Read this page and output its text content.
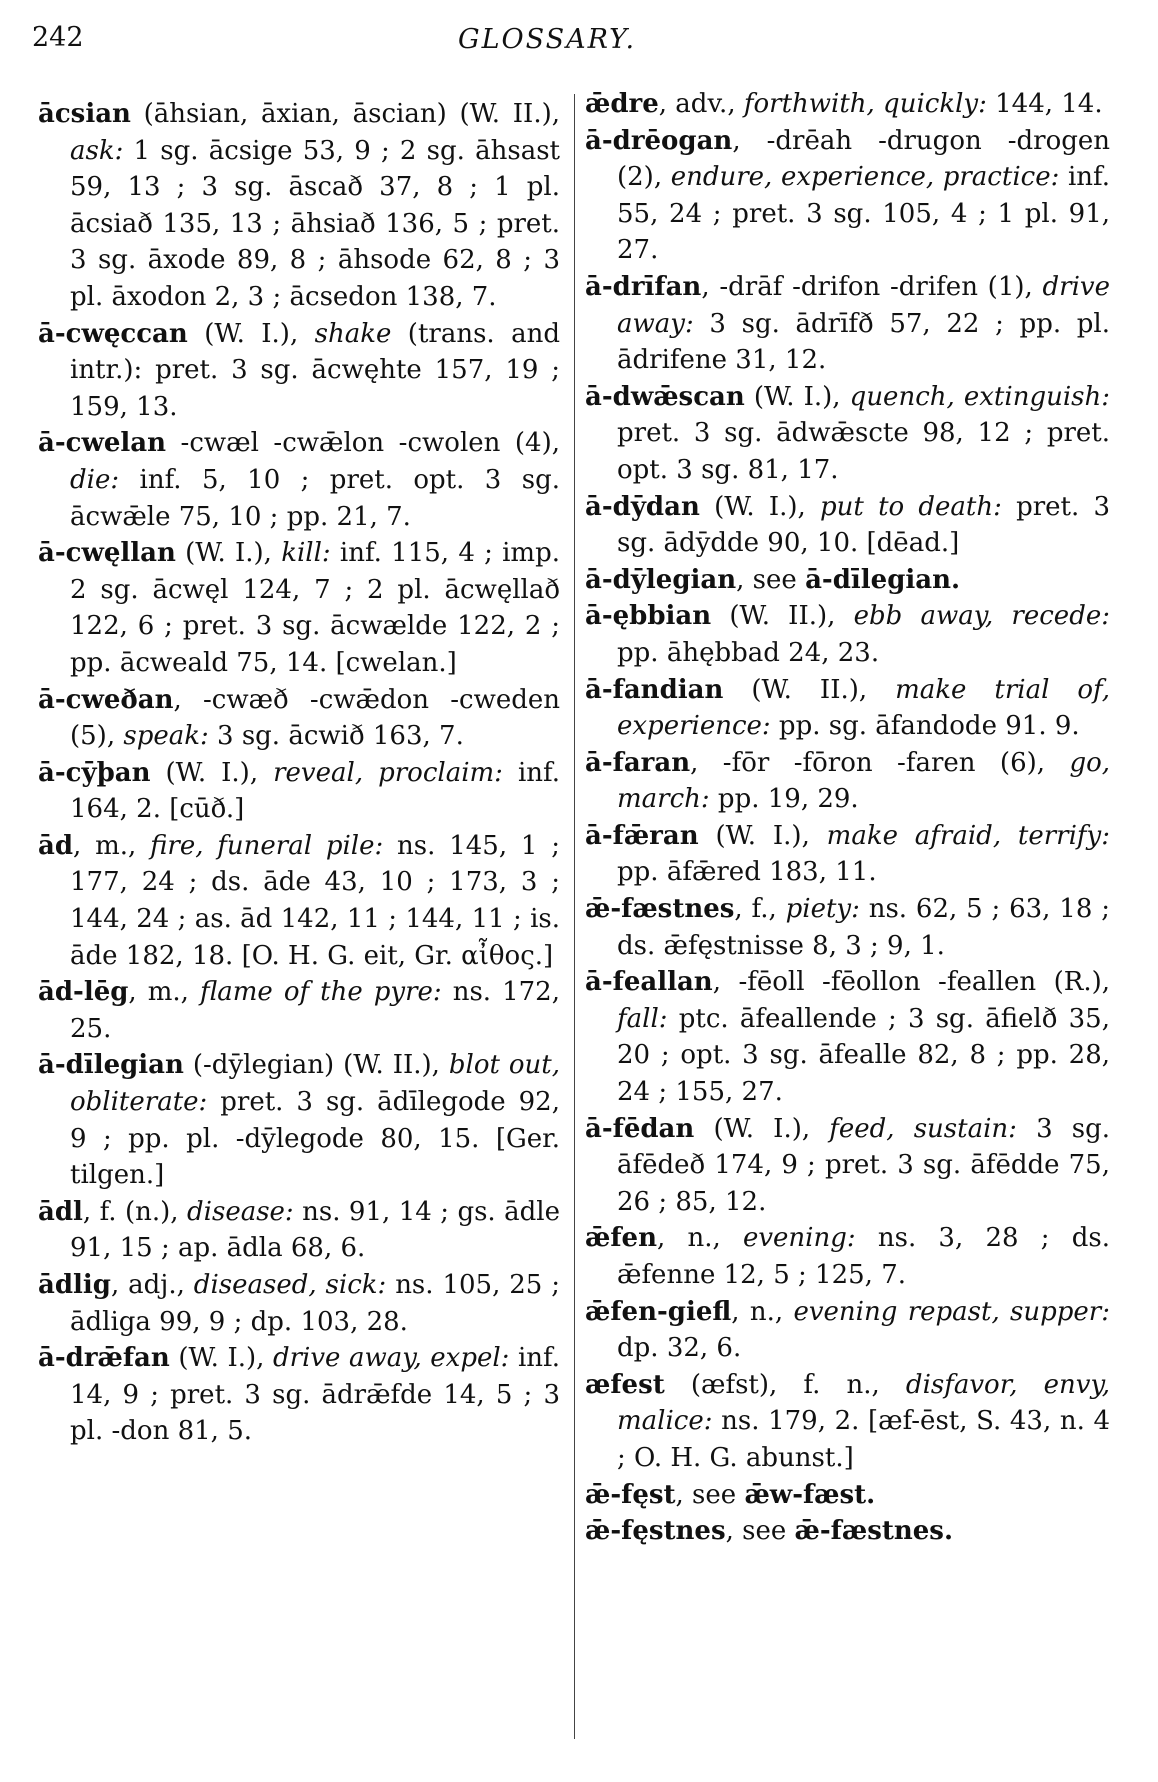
242	GLOSSARY.
ācsian (āhsian, āxian, āscian) (W. II.), ask: 1 sg. ācsige 53, 9 ; 2 sg. āhsast 59, 13 ; 3 sg. āscað 37, 8 ; 1 pl. ācsiað 135, 13 ; āhsiað 136, 5 ; pret. 3 sg. āxode 89, 8 ; āhsode 62, 8 ; 3 pl. āxodon 2, 3 ; ācsedon 138, 7.
ā-cwęccan (W. I.), shake (trans. and intr.): pret. 3 sg. ācwęhte 157, 19 ; 159, 13.
ā-cwelan -cwæl -cwǣlon -cwolen (4), die: inf. 5, 10 ; pret. opt. 3 sg. ācwǣle 75, 10 ; pp. 21, 7.
ā-cwęllan (W. I.), kill: inf. 115, 4 ; imp. 2 sg. ācwęl 124, 7 ; 2 pl. ācwęllað 122, 6 ; pret. 3 sg. ācwælde 122, 2 ; pp. ācweald 75, 14. [cwelan.]
ā-cweðan, -cwæð -cwǣdon -cweden (5), speak: 3 sg. ācwið 163, 7.
ā-cȳþan (W. I.), reveal, proclaim: inf. 164, 2. [cūð.]
ād, m., fire, funeral pile: ns. 145, 1 ; 177, 24 ; ds. āde 43, 10 ; 173, 3 ; 144, 24 ; as. ād 142, 11 ; 144, 11 ; is. āde 182, 18. [O. H. G. eit, Gr. αἶθος.]
ād-lēg, m., flame of the pyre: ns. 172, 25.
ā-dīlegian (-dȳlegian) (W. II.), blot out, obliterate: pret. 3 sg. ādīlegode 92, 9 ; pp. pl. -dȳlegode 80, 15. [Ger. tilgen.]
ādl, f. (n.), disease: ns. 91, 14 ; gs. ādle 91, 15 ; ap. ādla 68, 6.
ādlig, adj., diseased, sick: ns. 105, 25 ; ādliga 99, 9 ; dp. 103, 28.
ā-drǣfan (W. I.), drive away, expel: inf. 14, 9 ; pret. 3 sg. ādrǣfde 14, 5 ; 3 pl. -don 81, 5.
ǣdre, adv., forthwith, quickly: 144, 14.
ā-drēogan, -drēah -drugon -drogen (2), endure, experience, practice: inf. 55, 24 ; pret. 3 sg. 105, 4 ; 1 pl. 91, 27.
ā-drīfan, -drāf -drifon -drifen (1), drive away: 3 sg. ādrīfð 57, 22 ; pp. pl. ādrifene 31, 12.
ā-dwǣscan (W. I.), quench, extinguish: pret. 3 sg. ādwǣscte 98, 12 ; pret. opt. 3 sg. 81, 17.
ā-dȳdan (W. I.), put to death: pret. 3 sg. ādȳdde 90, 10. [dēad.]
ā-dȳlegian, see ā-dīlegian.
ā-ębbian (W. II.), ebb away, recede: pp. āhębbad 24, 23.
ā-fandian (W. II.), make trial of, experience: pp. sg. āfandode 91. 9.
ā-faran, -fōr -fōron -faren (6), go, march: pp. 19, 29.
ā-fǣran (W. I.), make afraid, terrify: pp. āfǣred 183, 11.
ǣ-fæstnes, f., piety: ns. 62, 5 ; 63, 18 ; ds. ǣfęstnisse 8, 3 ; 9, 1.
ā-feallan, -fēoll -fēollon -feallen (R.), fall: ptc. āfeallende ; 3 sg. āfielð 35, 20 ; opt. 3 sg. āfealle 82, 8 ; pp. 28, 24 ; 155, 27.
ā-fēdan (W. I.), feed, sustain: 3 sg. āfēdeð 174, 9 ; pret. 3 sg. āfēdde 75, 26 ; 85, 12.
ǣfen, n., evening: ns. 3, 28 ; ds. ǣfenne 12, 5 ; 125, 7.
ǣfen-giefl, n., evening repast, supper: dp. 32, 6.
æfest (æfst), f. n., disfavor, envy, malice: ns. 179, 2. [æf-ēst, S. 43, n. 4 ; O. H. G. abunst.]
ǣ-fęst, see ǣw-fæst.
ǣ-fęstnes, see ǣ-fæstnes.
